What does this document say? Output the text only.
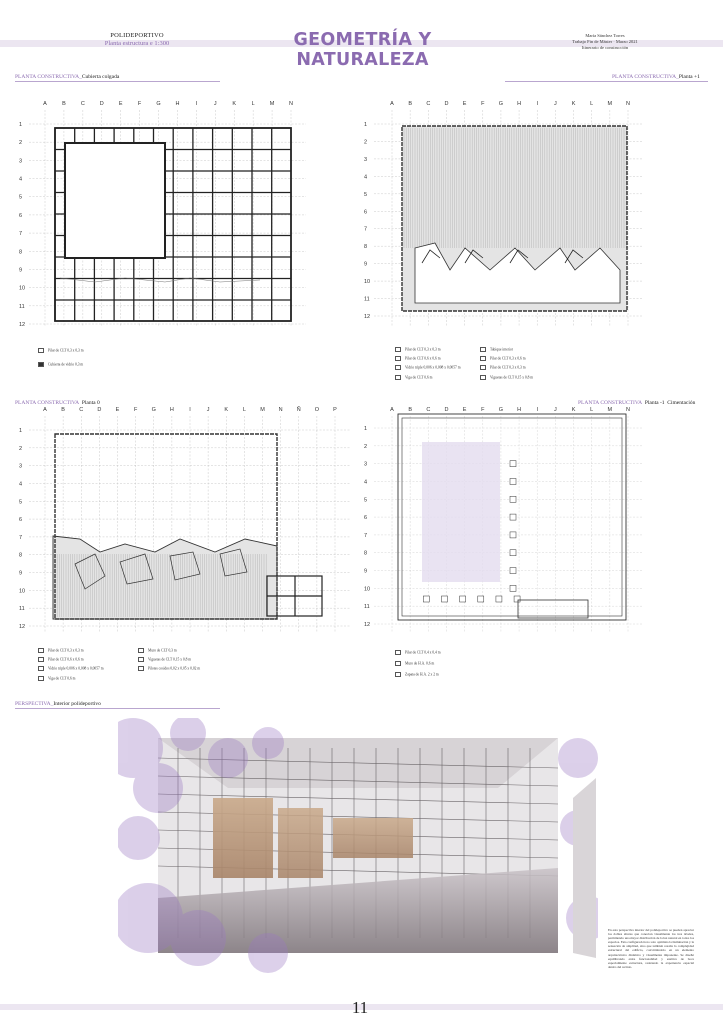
POLIDEPORTIVO
Planta estructura e 1:300	GEOMETRÍA Y NATURALEZA
María Sánchez Torres
Trabajo Fin de Máster · Marzo 2021
Itinerario de construcción
PLANTA CONSTRUCTIVA_Cubierta colgada	PLANTA CONSTRUCTIVA_Planta +1
PLANTA CONSTRUCTIVA_Planta 0	PLANTA CONSTRUCTIVA_Planta -1_Cimentación
PERSPECTIVA_Interior polideportivo
A	B	C	D	E	F	G	H	I	J	K	L	M	N
1
2
3
4
5
6
7
8
9
10
11
12
A	B	C	D	E	F	G	H	I	J	K	L	M	N
1
2
3
4
5
6
7
8
9
10
11
12
A	B	C	D	E	F	G	H	I	J	K	L	M	N	Ñ	O	P
1
2
3
4
5
6
7
8
9
10
11
12
A	B	C	D	E	F	G	H	I	J	K	L	M	N
1
2
3
4
5
6
7
8
9
10
11
12
Pilar de CLT 0,3 x 0,3 m
Cubierta de vidrio 0,3 m
Pilar de CLT 0,3 x 0,3 m
Pilar de CLT 0,6 x 0,6 m
Vidrio triple 0,006 x 0,008 x 0,0057 m
Viga de CLT 0,6 m
Tabique interior
Pilar de CLT 0,3 x 0,6 m
Pilar de CLT 0,3 x 0,3 m
Viguetas de CLT 0,15 x 0,8 m
Pilar de CLT 0,3 x 0,3 m
Pilar de CLT 0,6 x 0,6 m
Vidrio triple 0,006 x 0,008 x 0,0057 m
Viga de CLT 0,6 m
Muro de CLT 0,3 m
Viguetas de CLT 0,15 x 0,8 m
Pilotes cosidos 0,02 x 0,05 x 0,02 m
Pilar de CLT 0,4 x 0,4 m
Muro de H.A. 0,6 m
Zapata de H.A. 2 x 2 m
En esta perspectiva interior del polideportivo se pueden apreciar los dobles alturas que conectan visualmente los tres niveles, permitiendo una mayor distribución de la luz natural en todos los espacios. Esta configuración no solo optimiza la iluminación y la sensación de amplitud, sino que también resalta la complejidad estructural del edificio, convirtiéndolo en un elemento arquitectónico dinámico y visualmente imponente. Se diseñó equilibrando entre funcionalidad y estética de boca especialmente estructura, realzando la experiencia espacial dentro del recinto.
11
